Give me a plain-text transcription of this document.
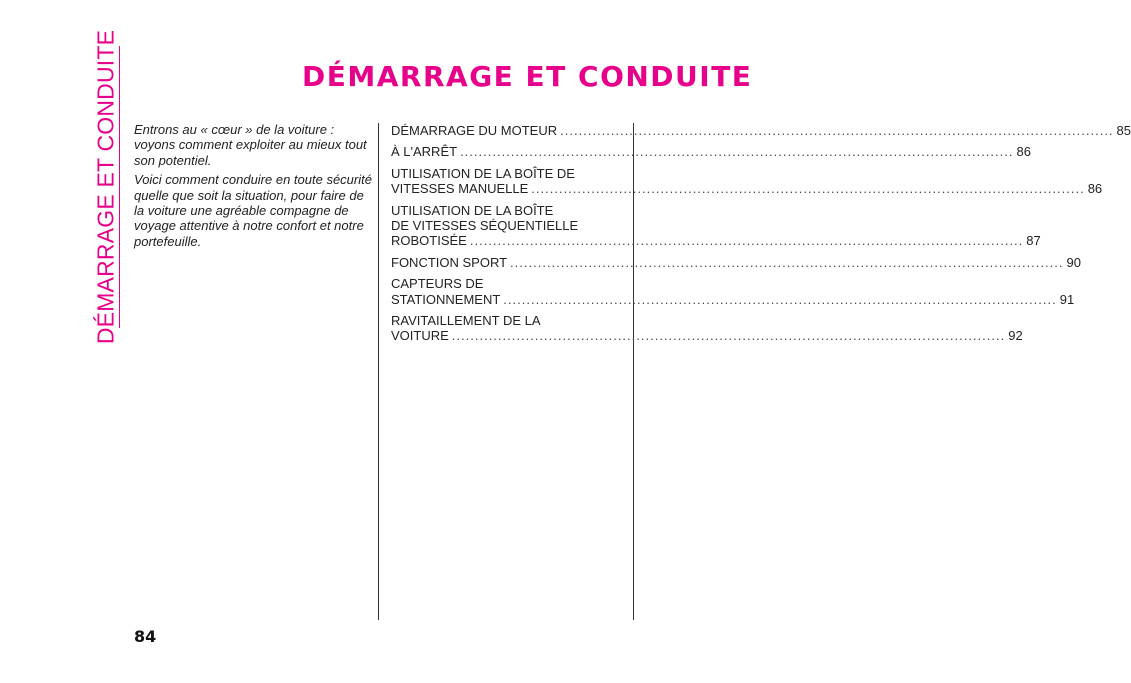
DÉMARRAGE ET CONDUITE	DÉMARRAGE ET CONDUITE

Entrons au « cœur » de la voiture : voyons comment exploiter au mieux tout son potentiel.

Voici comment conduire en toute sécurité quelle que soit la situation, pour faire de la voiture une agréable compagne de voyage attentive à notre confort et notre portefeuille.

DÉMARRAGE DU MOTEUR ........................................................................................................................ 85
À L'ARRÊT ........................................................................................................................ 86
UTILISATION DE LA BOÎTE DE
VITESSES MANUELLE ........................................................................................................................ 86
UTILISATION DE LA BOÎTE
DE VITESSES SÉQUENTIELLE
ROBOTISÉE ........................................................................................................................ 87
FONCTION SPORT ........................................................................................................................ 90
CAPTEURS DE
STATIONNEMENT ........................................................................................................................ 91
RAVITAILLEMENT DE LA
VOITURE ........................................................................................................................ 92
84
